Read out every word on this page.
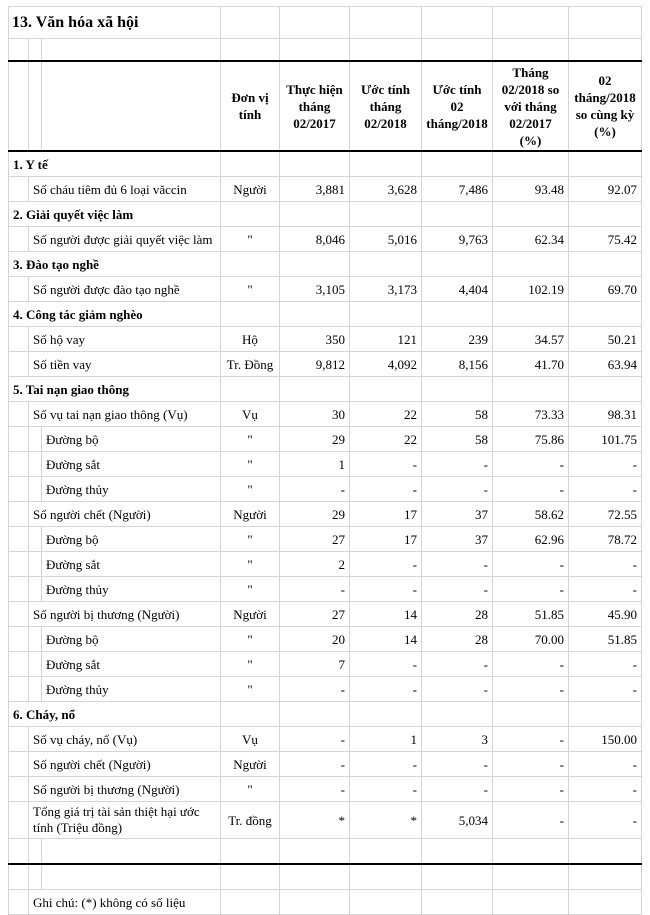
13. Văn hóa xã hội								

			Đơn vị tính	Thực hiện tháng 02/2017	Ước tính tháng 02/2018	Ước tính 02 tháng/2018	Tháng 02/2018 so với tháng 02/2017 (%)	02 tháng/2018 so cùng kỳ (%)
1. Y tế								
	Số cháu tiêm đủ 6 loại văccin		Người	3,881	3,628	7,486	93.48	92.07
2. Giải quyết việc làm								
	Số người được giải quyết việc làm		"	8,046	5,016	9,763	62.34	75.42
3. Đào tạo nghề								
	Số người được đào tạo nghề		"	3,105	3,173	4,404	102.19	69.70
4. Công tác giảm nghèo								
	Số hộ vay		Hộ	350	121	239	34.57	50.21
	Số tiền vay		Tr. Đồng	9,812	4,092	8,156	41.70	63.94
5. Tai nạn giao thông								
	Số vụ tai nạn giao thông (Vụ)		Vụ	30	22	58	73.33	98.31
		Đường bộ	"	29	22	58	75.86	101.75
		Đường sắt	"	1	-	-	-	-
		Đường thủy	"	-	-	-	-	-
	Số người chết (Người)		Người	29	17	37	58.62	72.55
		Đường bộ	"	27	17	37	62.96	78.72
		Đường sắt	"	2	-	-	-	-
		Đường thủy	"	-	-	-	-	-
	Số người bị thương (Người)		Người	27	14	28	51.85	45.90
		Đường bộ	"	20	14	28	70.00	51.85
		Đường sắt	"	7	-	-	-	-
		Đường thủy	"	-	-	-	-	-
6. Cháy, nổ								
	Số vụ cháy, nổ (Vụ)		Vụ	-	1	3	-	150.00
	Số người chết (Người)		Người	-	-	-	-	-
	Số người bị thương (Người)		"	-	-	-	-	-
	Tổng giá trị tài sản thiệt hại ước tính (Triệu đồng)		Tr. đồng	*	*	5,034	-	-

	Ghi chú: (*) không có số liệu							
